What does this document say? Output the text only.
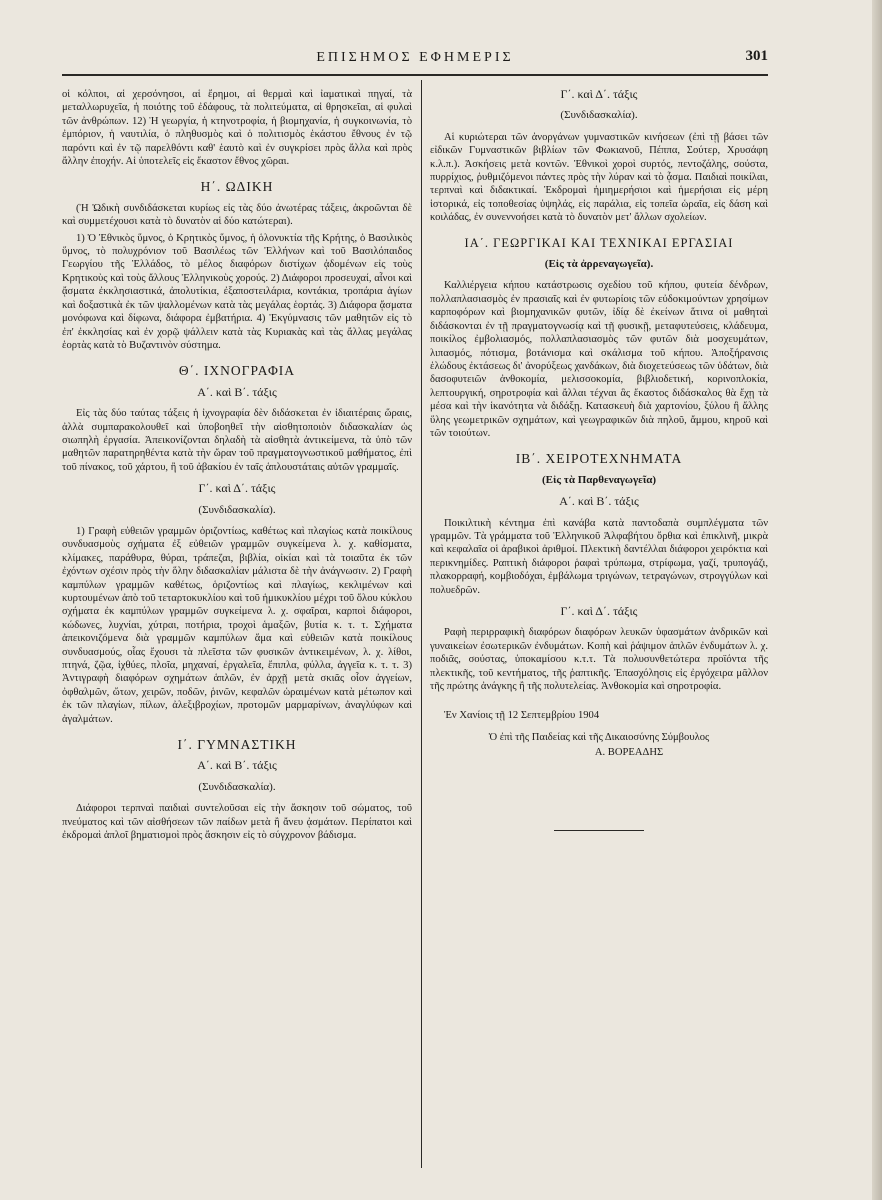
ΕΠΙΣΗΜΟΣ ΕΦΗΜΕΡΙΣ	301

οἱ κόλποι, αἱ χερσόνησοι, αἱ ἔρημοι, αἱ θερμαὶ καὶ ἰαματικαὶ πηγαί, τὰ μεταλλωρυχεῖα, ἡ ποιότης τοῦ ἐδάφους, τὰ πολιτεύματα, αἱ θρησκεῖαι, αἱ φυλαὶ τῶν ἀνθρώπων. 12) Ἡ γεωργία, ἡ κτηνοτροφία, ἡ βιομηχανία, ἡ συγκοινωνία, τὸ ἐμπόριον, ἡ ναυτιλία, ὁ πληθυσμὸς καὶ ὁ πολιτισμὸς ἑκάστου ἔθνους ἐν τῷ παρόντι καὶ ἐν τῷ παρελθόντι καθ' ἑαυτὸ καὶ ἐν συγκρίσει πρὸς ἄλλα καὶ πρὸς ἄλλην ἐποχήν. Αἱ ὑποτελεῖς εἰς ἕκαστον ἔθνος χῶραι.

Η΄. ΩΔΙΚΗ

(Ἡ Ὠδικὴ συνδιδάσκεται κυρίως εἰς τὰς δύο ἀνωτέρας τάξεις, ἀκροῶνται δὲ καὶ συμμετέχουσι κατὰ τὸ δυνατὸν αἱ δύο κατώτεραι).

1) Ὁ Ἐθνικὸς ὕμνος, ὁ Κρητικὸς ὕμνος, ἡ ὁλονυκτία τῆς Κρήτης, ὁ Βασιλικὸς ὕμνος, τὸ πολυχρόνιον τοῦ Βασιλέως τῶν Ἑλλήνων καὶ τοῦ Βασιλόπαιδος Γεωργίου τῆς Ἑλλάδος, τὸ μέλος διαφόρων διστίχων ᾀδομένων εἰς τοὺς Κρητικοὺς καὶ τοὺς ἄλλους Ἑλληνικοὺς χορούς. 2) Διάφοροι προσευχαί, αἶνοι καὶ ᾄσματα ἐκκλησιαστικά, ἀπολυτίκια, ἐξαποστειλάρια, κοντάκια, τροπάρια ἁγίων καὶ δοξαστικὰ ἐκ τῶν ψαλλομένων κατὰ τὰς μεγάλας ἑορτάς. 3) Διάφορα ᾄσματα μονόφωνα καὶ δίφωνα, διάφορα ἐμβατήρια. 4) Ἐκγύμνασις τῶν μαθητῶν εἰς τὸ ἐπ' ἐκκλησίας καὶ ἐν χορῷ ψάλλειν κατὰ τὰς Κυριακὰς καὶ τὰς ἄλλας μεγάλας ἑορτὰς κατὰ τὸ Βυζαντινὸν σύστημα.

Θ΄. ΙΧΝΟΓΡΑΦΙΑ
Α΄. καὶ Β΄. τάξις

Εἰς τὰς δύο ταύτας τάξεις ἡ ἰχνογραφία δὲν διδάσκεται ἐν ἰδιαιτέραις ὥραις, ἀλλὰ συμπαρακολουθεῖ καὶ ὑποβοηθεῖ τὴν αἰσθητοποιὸν διδασκαλίαν ὡς σιωπηλὴ ἐργασία. Ἀπεικονίζονται δηλαδὴ τὰ αἰσθητὰ ἀντικείμενα, τὰ ὑπὸ τῶν μαθητῶν παρατηρηθέντα κατὰ τὴν ὥραν τοῦ πραγματογνωστικοῦ μαθήματος, ἐπὶ τοῦ πίνακος, τοῦ χάρτου, ἢ τοῦ ἀβακίου ἐν ταῖς ἁπλουστάταις αὐτῶν γραμμαῖς.

Γ΄. καὶ Δ΄. τάξις
(Συνδιδασκαλία).

1) Γραφὴ εὐθειῶν γραμμῶν ὁριζοντίως, καθέτως καὶ πλαγίως κατὰ ποικίλους συνδυασμοὺς σχήματα ἐξ εὐθειῶν γραμμῶν συγκείμενα λ. χ. καθίσματα, κλίμακες, παράθυρα, θύραι, τράπεζαι, βιβλία, οἰκίαι καὶ τὰ τοιαῦτα ἐκ τῶν ἐχόντων σχέσιν πρὸς τὴν ὅλην διδασκαλίαν μάλιστα δὲ τὴν ἀνάγνωσιν. 2) Γραφὴ καμπύλων γραμμῶν καθέτως, ὁριζοντίως καὶ πλαγίως, κεκλιμένων καὶ κυρτουμένων ἀπὸ τοῦ τεταρτοκυκλίου καὶ τοῦ ἡμικυκλίου μέχρι τοῦ ὅλου κύκλου σχήματα ἐκ καμπύλων γραμμῶν συγκείμενα λ. χ. σφαῖραι, καρποὶ διάφοροι, κώδωνες, λυχνίαι, χύτραι, ποτήρια, τροχοὶ ἁμαξῶν, βυτία κ. τ. τ. Σχήματα ἀπεικονιζόμενα διὰ γραμμῶν καμπύλων ἅμα καὶ εὐθειῶν κατὰ ποικίλους συνδυασμούς, οἷας ἔχουσι τὰ πλεῖστα τῶν φυσικῶν ἀντικειμένων, λ. χ. λίθοι, πτηνά, ζῷα, ἰχθύες, πλοῖα, μηχαναί, ἐργαλεῖα, ἔπιπλα, φύλλα, ἀγγεῖα κ. τ. τ. 3) Ἀντιγραφὴ διαφόρων σχημάτων ἁπλῶν, ἐν ἀρχῇ μετὰ σκιᾶς οἷον ἀγγείων, ὀφθαλμῶν, ὤτων, χειρῶν, ποδῶν, ῥινῶν, κεφαλῶν ὡραιμένων κατὰ μέτωπον καὶ ἐκ τῶν πλαγίων, πίλων, ἀλεξιβροχίων, προτομῶν μαρμαρίνων, ἀναγλύφων καὶ ἀγαλμάτων.

Ι΄. ΓΥΜΝΑΣΤΙΚΗ
Α΄. καὶ Β΄. τάξις
(Συνδιδασκαλία).

Διάφοροι τερπναὶ παιδιαὶ συντελοῦσαι εἰς τὴν ἄσκησιν τοῦ σώματος, τοῦ πνεύματος καὶ τῶν αἰσθήσεων τῶν παίδων μετὰ ἢ ἄνευ ᾀσμάτων. Περίπατοι καὶ ἐκδρομαὶ ἁπλοῖ βηματισμοὶ πρὸς ἄσκησιν εἰς τὸ σύγχρονον βάδισμα.

Γ΄. καὶ Δ΄. τάξις
(Συνδιδασκαλία).

Αἱ κυριώτεραι τῶν ἀνοργάνων γυμναστικῶν κινήσεων (ἐπὶ τῇ βάσει τῶν εἰδικῶν Γυμναστικῶν βιβλίων τῶν Φωκιανοῦ, Πέππα, Σούτερ, Χρυσάφη κ.λ.π.). Ἀσκήσεις μετὰ κοντῶν. Ἐθνικοὶ χοροὶ συρτός, πεντοζάλης, σούστα, πυρρίχιος, ῥυθμιζόμενοι πάντες πρὸς τὴν λύραν καὶ τὸ ᾆσμα. Παιδιαὶ ποικίλαι, τερπναὶ καὶ διδακτικαί. Ἐκδρομαὶ ἡμιημερήσιοι καὶ ἡμερήσιαι εἰς μέρη ἱστορικά, εἰς τοποθεσίας ὑψηλάς, εἰς παράλια, εἰς τοπεῖα ὡραῖα, εἰς δάση καὶ κοιλάδας, ἐν συνεννοήσει κατὰ τὸ δυνατὸν μετ' ἄλλων σχολείων.

ΙΑ΄. ΓΕΩΡΓΙΚΑΙ ΚΑΙ ΤΕΧΝΙΚΑΙ ΕΡΓΑΣΙΑΙ
(Εἰς τὰ ἀρρεναγωγεῖα).

Καλλιέργεια κήπου κατάστρωσις σχεδίου τοῦ κήπου, φυτεία δένδρων, πολλαπλασιασμὸς ἐν πρασιαῖς καὶ ἐν φυτωρίοις τῶν εὐδοκιμούντων χρησίμων καρποφόρων καὶ βιομηχανικῶν φυτῶν, ἰδίᾳ δὲ ἐκείνων ἅτινα οἱ μαθηταὶ διδάσκονται ἐν τῇ πραγματογνωσίᾳ καὶ τῇ φυσικῇ, μεταφυτεύσεις, κλάδευμα, ποικίλος ἐμβολιασμός, πολλαπλασιασμὸς τῶν φυτῶν διὰ μοσχευμάτων, λιπασμός, πότισμα, βοτάνισμα καὶ σκάλισμα τοῦ κήπου. Ἀποξήρανσις ἑλώδους ἐκτάσεως δι' ἀνορύξεως χανδάκων, διὰ διοχετεύσεως τῶν ὑδάτων, διὰ δασοφυτειῶν ἀνθοκομία, μελισσοκομία, βιβλιοδετική, κορινοπλοκία, λεπτουργική, σηροτροφία καὶ ἄλλαι τέχναι ἃς ἕκαστος διδάσκαλος θὰ ἔχῃ τὰ μέσα καὶ τὴν ἱκανότητα νὰ διδάξῃ. Κατασκευὴ διὰ χαρτονίου, ξύλου ἢ ἄλλης ὕλης γεωμετρικῶν σχημάτων, καὶ γεωγραφικῶν διὰ πηλοῦ, ἄμμου, κηροῦ καὶ τῶν τοιούτων.

ΙΒ΄. ΧΕΙΡΟΤΕΧΝΗΜΑΤΑ
(Εἰς τὰ Παρθεναγωγεῖα)
Α΄. καὶ Β΄. τάξις

Ποικιλτικὴ κέντημα ἐπὶ κανάβα κατὰ παντοδαπὰ συμπλέγματα τῶν γραμμῶν. Τὰ γράμματα τοῦ Ἑλληνικοῦ Ἀλφαβήτου ὄρθια καὶ ἐπικλινῆ, μικρὰ καὶ κεφαλαῖα οἱ ἀραβικοὶ ἀριθμοί. Πλεκτικὴ δαντέλλαι διάφοροι χειρόκτια καὶ περικνημίδες. Ραπτικὴ διάφοροι ῥαφαὶ τρύπωμα, στρίφωμα, γαζί, τρυπογάζι, πλακορραφή, κομβιοδόχαι, ἐμβάλωμα τριγώνων, τετραγώνων, στρογγύλων καὶ πολυεδρῶν.

Γ΄. καὶ Δ΄. τάξις

Ραφὴ περιρραφικὴ διαφόρων διαφόρων λευκῶν ὑφασμάτων ἀνδρικῶν καὶ γυναικείων ἐσωτερικῶν ἐνδυμάτων. Κοπὴ καὶ ῥάψιμον ἁπλῶν ἐνδυμάτων λ. χ. ποδιᾶς, σούστας, ὑποκαμίσου κ.τ.τ. Τὰ πολυσυνθετώτερα προϊόντα τῆς πλεκτικῆς, τοῦ κεντήματος, τῆς ῥαπτικῆς. Ἐπασχόλησις εἰς ἐργόχειρα μᾶλλον τῆς πρώτης ἀνάγκης ἢ τῆς πολυτελείας. Ἀνθοκομία καὶ σηροτροφία.

Ἐν Χανίοις τῇ 12 Σεπτεμβρίου 1904
Ὁ ἐπὶ τῆς Παιδείας καὶ τῆς Δικαιοσύνης Σύμβουλος
Α. ΒΟΡΕΑΔΗΣ
